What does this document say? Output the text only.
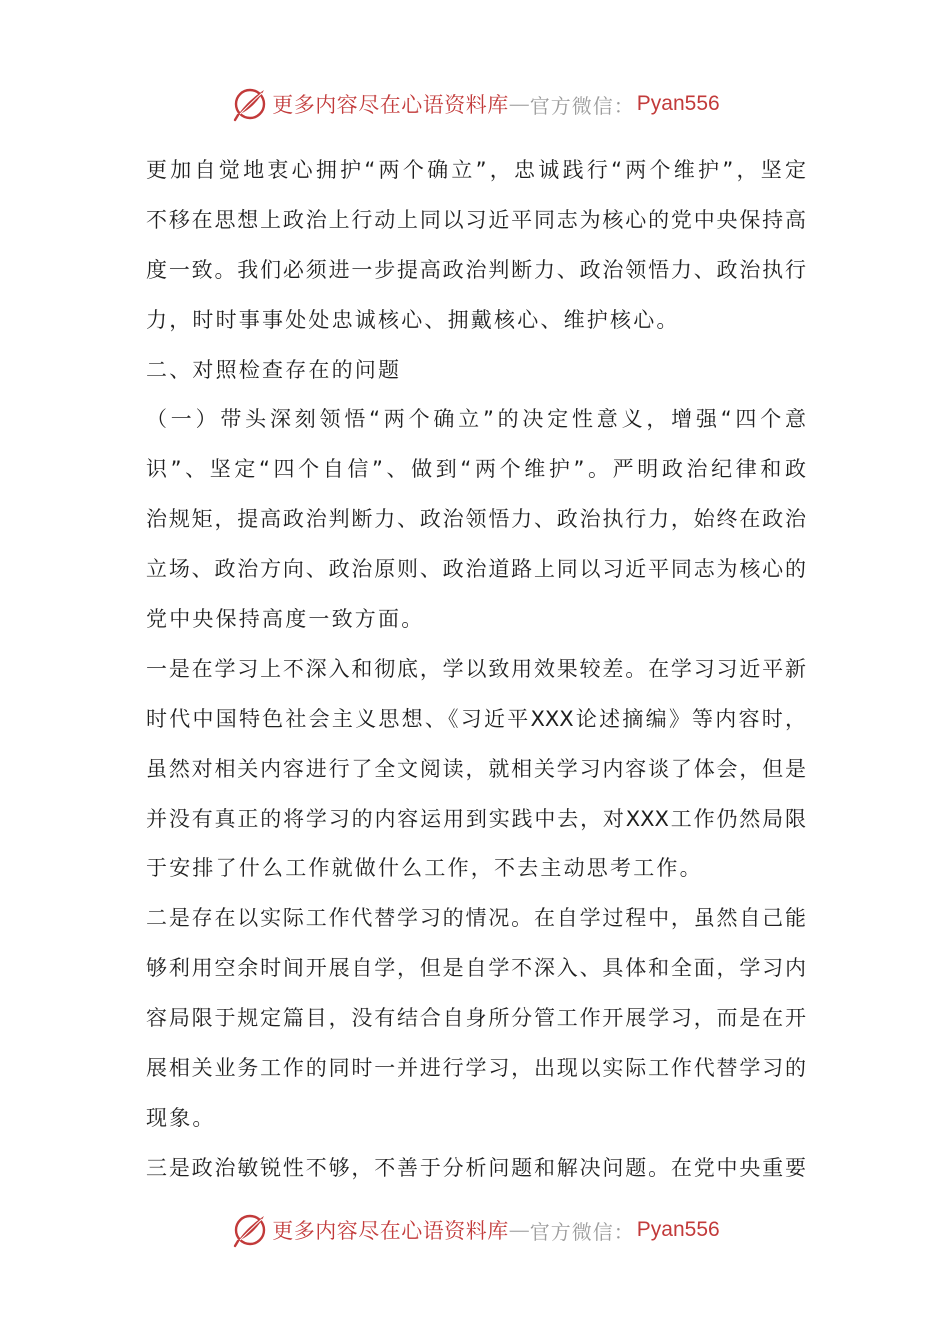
更多内容尽在心语资料库 — 官方微信： Pyan556
更加自觉地衷心拥护“两个确立”，忠诚践行“两个维护”，坚定
不移在思想上政治上行动上同以习近平同志为核心的党中央保持高
度一致。我们必须进一步提高政治判断力、政治领悟力、政治执行
力，时时事事处处忠诚核心、拥戴核心、维护核心。
二、对照检查存在的问题
（一）带头深刻领悟“两个确立”的决定性意义，增强“四个意
识”、坚定“四个自信”、做到“两个维护”。严明政治纪律和政
治规矩，提高政治判断力、政治领悟力、政治执行力，始终在政治
立场、政治方向、政治原则、政治道路上同以习近平同志为核心的
党中央保持高度一致方面。
一是在学习上不深入和彻底，学以致用效果较差。在学习习近平新
时代中国特色社会主义思想、《习近平XXX论述摘编》等内容时，
虽然对相关内容进行了全文阅读，就相关学习内容谈了体会，但是
并没有真正的将学习的内容运用到实践中去，对XXX工作仍然局限
于安排了什么工作就做什么工作，不去主动思考工作。
二是存在以实际工作代替学习的情况。在自学过程中，虽然自己能
够利用空余时间开展自学，但是自学不深入、具体和全面，学习内
容局限于规定篇目，没有结合自身所分管工作开展学习，而是在开
展相关业务工作的同时一并进行学习，出现以实际工作代替学习的
现象。
三是政治敏锐性不够，不善于分析问题和解决问题。在党中央重要
更多内容尽在心语资料库 — 官方微信： Pyan556
